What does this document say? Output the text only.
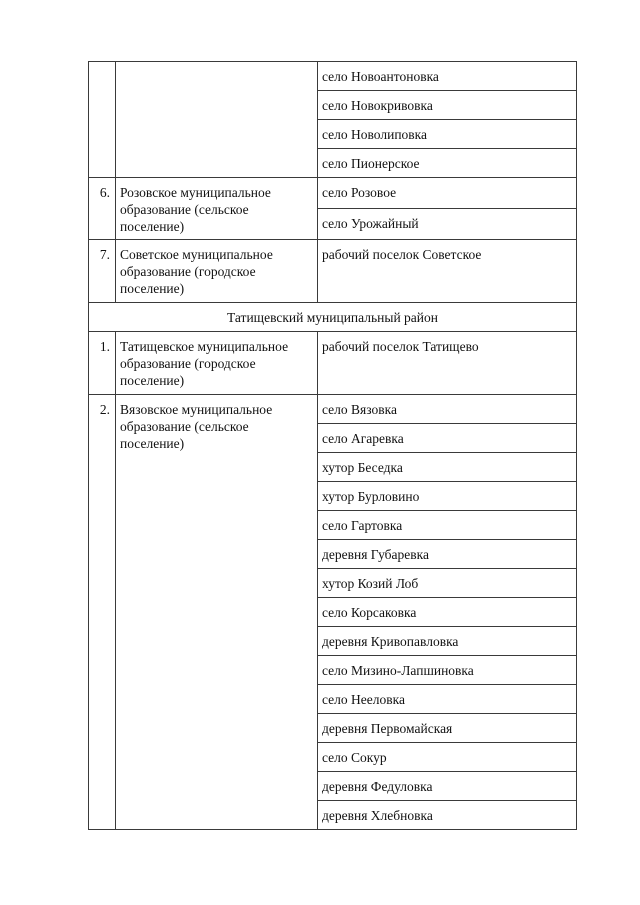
		село Новоантоновка
		село Новокривовка
		село Новолиповка
		село Пионерское
6.	Розовское муниципальное образование (сельское поселение)	село Розовое
		село Урожайный
7.	Советское муниципальное образование (городское поселение)	рабочий поселок Советское
Татищевский муниципальный район		
1.	Татищевское муниципальное образование (городское поселение)	рабочий поселок Татищево
2.	Вязовское муниципальное образование (сельское поселение)	село Вязовка
		село Агаревка
		хутор Беседка
		хутор Бурловино
		село Гартовка
		деревня Губаревка
		хутор Козий Лоб
		село Корсаковка
		деревня Кривопавловка
		село Мизино-Лапшиновка
		село Нееловка
		деревня Первомайская
		село Сокур
		деревня Федуловка
		деревня Хлебновка
